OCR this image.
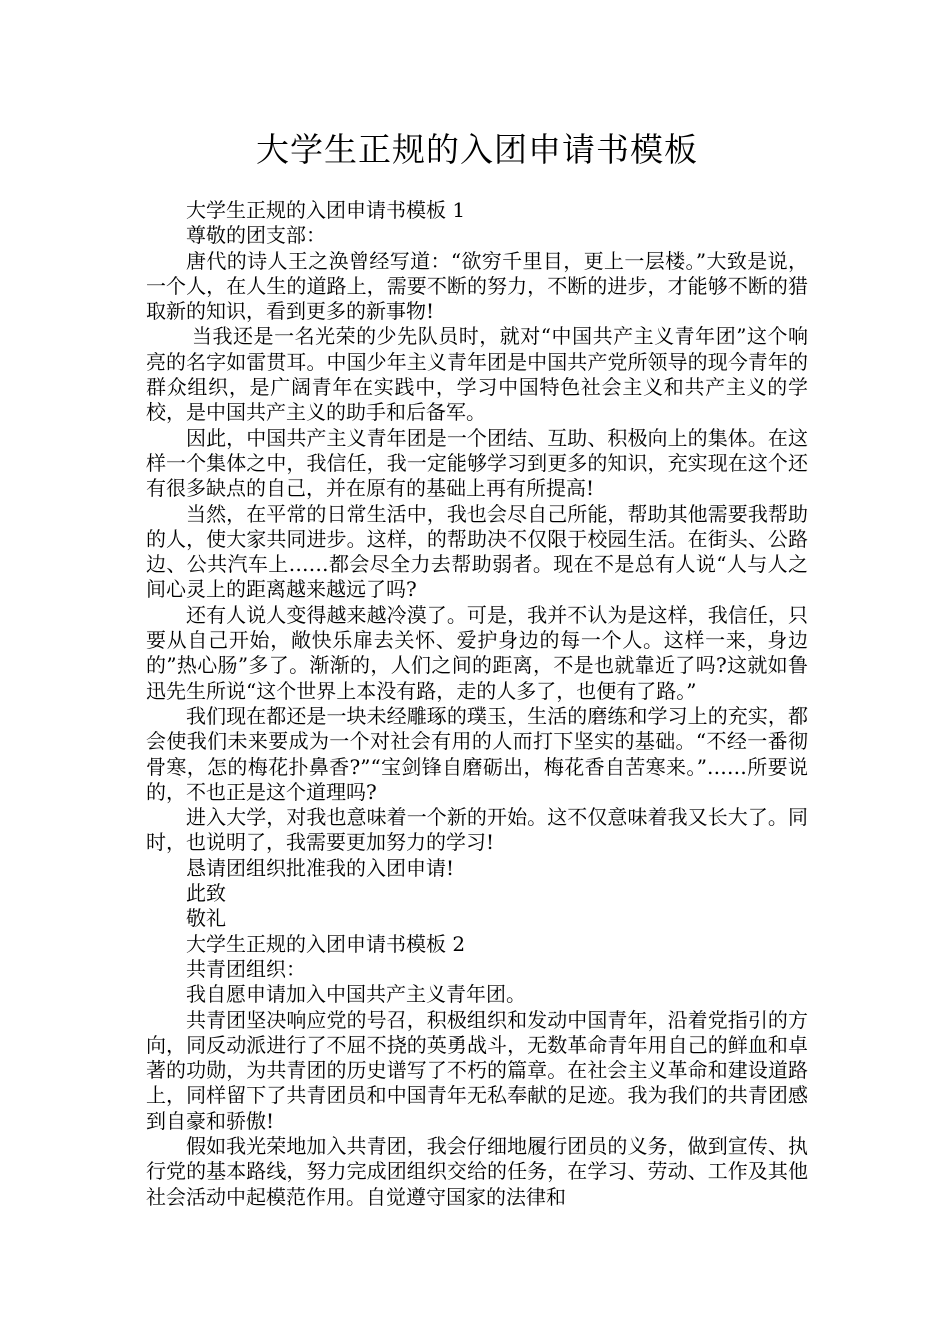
大学生正规的入团申请书模板

大学生正规的入团申请书模板 1

尊敬的团支部：

唐代的诗人王之涣曾经写道：“欲穷千里目，更上一层楼。”大致是说，一个人，在人生的道路上，需要不断的努力，不断的进步，才能够不断的猎取新的知识，看到更多的新事物!

当我还是一名光荣的少先队员时，就对“中国共产主义青年团”这个响亮的名字如雷贯耳。中国少年主义青年团是中国共产党所领导的现今青年的群众组织，是广阔青年在实践中，学习中国特色社会主义和共产主义的学校，是中国共产主义的助手和后备军。

因此，中国共产主义青年团是一个团结、互助、积极向上的集体。在这样一个集体之中，我信任，我一定能够学习到更多的知识，充实现在这个还有很多缺点的自己，并在原有的基础上再有所提高!

当然，在平常的日常生活中，我也会尽自己所能，帮助其他需要我帮助的人，使大家共同进步。这样，的帮助决不仅限于校园生活。在街头、公路边、公共汽车上……都会尽全力去帮助弱者。现在不是总有人说“人与人之间心灵上的距离越来越远了吗?

还有人说人变得越来越冷漠了。可是，我并不认为是这样，我信任，只要从自己开始，敞快乐扉去关怀、爱护身边的每一个人。这样一来，身边的”热心肠”多了。渐渐的，人们之间的距离，不是也就靠近了吗?这就如鲁迅先生所说“这个世界上本没有路，走的人多了，也便有了路。”

我们现在都还是一块未经雕琢的璞玉，生活的磨练和学习上的充实，都会使我们未来要成为一个对社会有用的人而打下坚实的基础。“不经一番彻骨寒，怎的梅花扑鼻香?”“宝剑锋自磨砺出，梅花香自苦寒来。”……所要说的，不也正是这个道理吗?

进入大学，对我也意味着一个新的开始。这不仅意味着我又长大了。同时，也说明了，我需要更加努力的学习!

恳请团组织批准我的入团申请!

此致

敬礼

大学生正规的入团申请书模板 2

共青团组织：

我自愿申请加入中国共产主义青年团。

共青团坚决响应党的号召，积极组织和发动中国青年，沿着党指引的方向，同反动派进行了不屈不挠的英勇战斗，无数革命青年用自己的鲜血和卓著的功勋，为共青团的历史谱写了不朽的篇章。在社会主义革命和建设道路上，同样留下了共青团员和中国青年无私奉献的足迹。我为我们的共青团感到自豪和骄傲!

假如我光荣地加入共青团，我会仔细地履行团员的义务，做到宣传、执行党的基本路线，努力完成团组织交给的任务，在学习、劳动、工作及其他社会活动中起模范作用。自觉遵守国家的法律和
